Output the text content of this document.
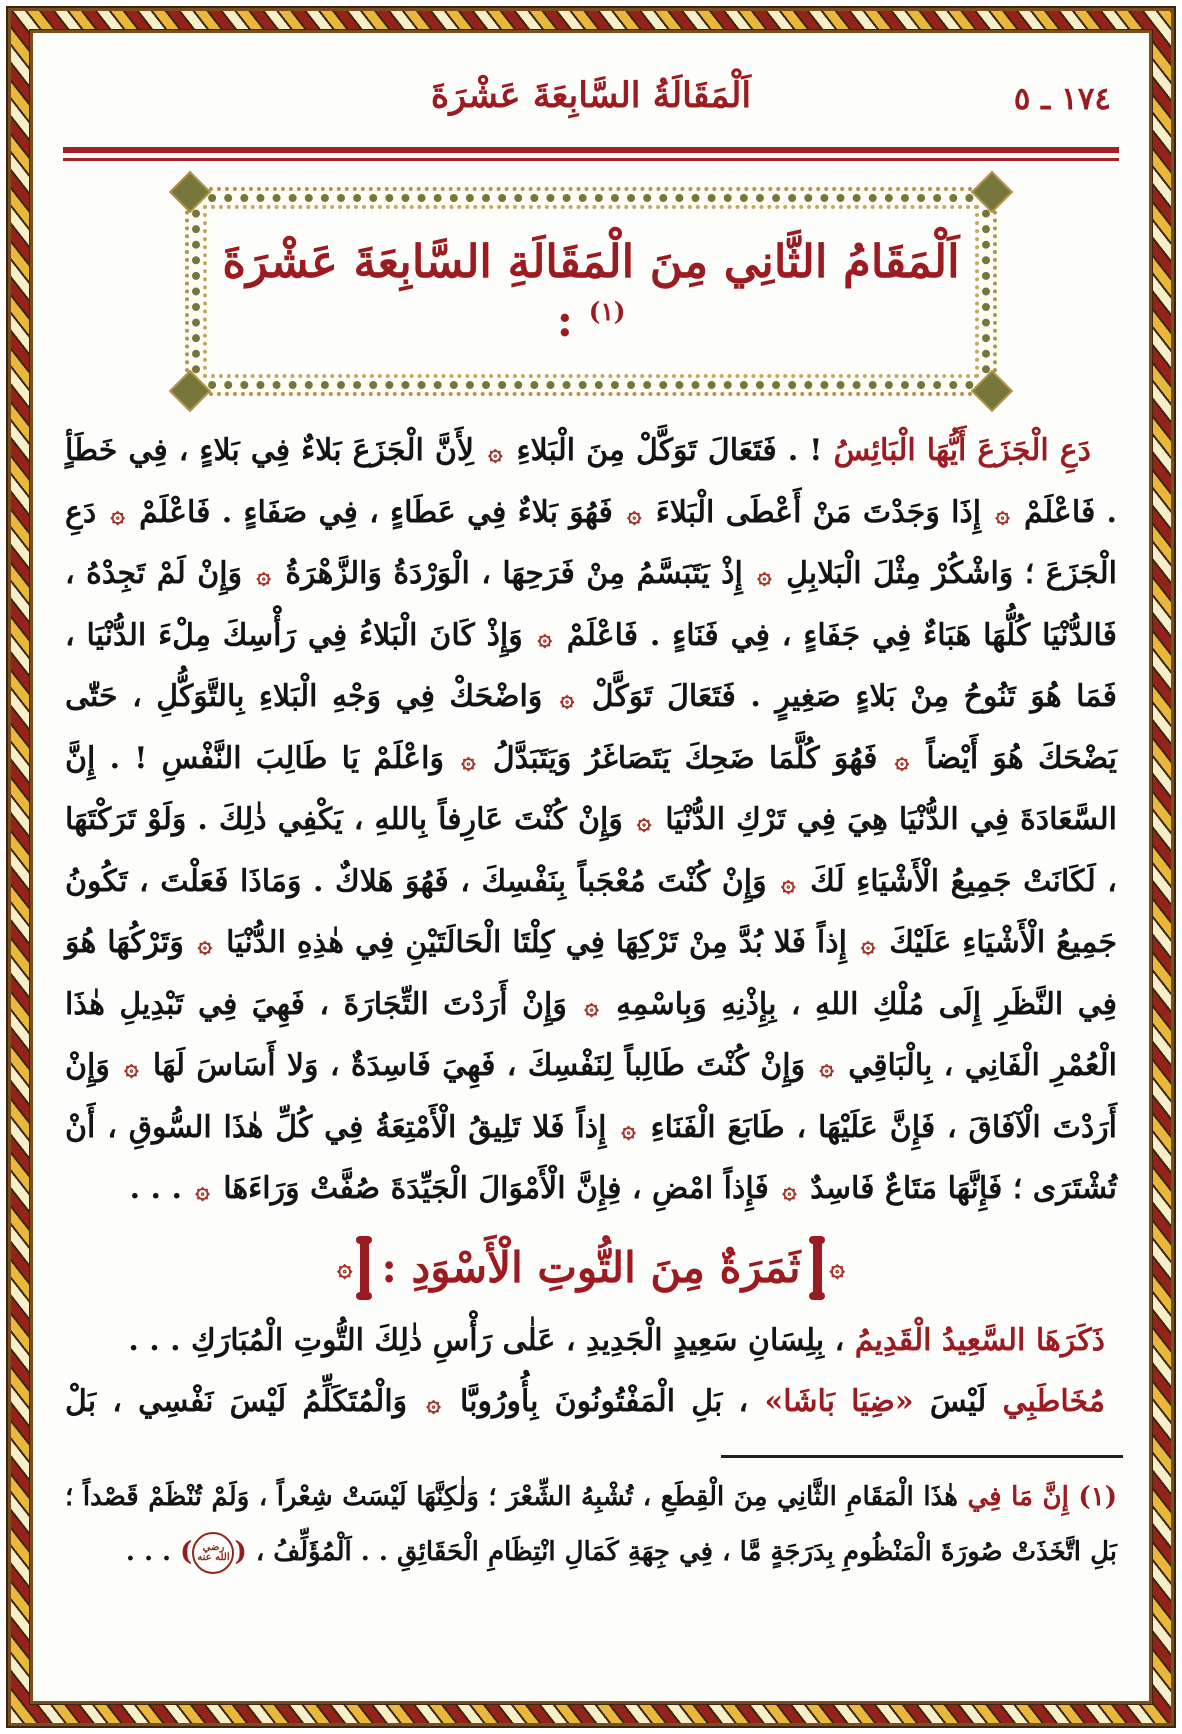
١٧٤ ـ ٥
اَلْمَقَالَةُ السَّابِعَةَ عَشْرَةَ
اَلْمَقَامُ الثَّانِي مِنَ الْمَقَالَةِ السَّابِعَةَ عَشْرَةَ $^{(١)}$ :

دَعِ الْجَزَعَ أَيُّهَا الْبَائِسُ ! . فَتَعَالَ تَوَكَّلْ مِنَ الْبَلاءِ ۞ لِأَنَّ الْجَزَعَ بَلاءٌ فِي بَلاءٍ ، فِي خَطَأٍ . فَاعْلَمْ ۞ إِذَا وَجَدْتَ مَنْ أَعْطَى الْبَلاءَ ۞ فَهُوَ بَلاءٌ فِي عَطَاءٍ ، فِي صَفَاءٍ . فَاعْلَمْ ۞ دَعِ الْجَزَعَ ؛ وَاشْكُرْ مِثْلَ الْبَلابِلِ ۞ إِذْ يَتَبَسَّمُ مِنْ فَرَحِهَا ، الْوَرْدَةُ وَالزَّهْرَةُ ۞ وَإِنْ لَمْ تَجِدْهُ ، فَالدُّنْيَا كُلُّهَا هَبَاءٌ فِي جَفَاءٍ ، فِي فَنَاءٍ . فَاعْلَمْ ۞ وَإِذْ كَانَ الْبَلاءُ فِي رَأْسِكَ مِلْءَ الدُّنْيَا ، فَمَا هُوَ تَنُوحُ مِنْ بَلاءٍ صَغِيرٍ . فَتَعَالَ تَوَكَّلْ ۞ وَاضْحَكْ فِي وَجْهِ الْبَلاءِ بِالتَّوَكُّلِ ، حَتّٰى يَضْحَكَ هُوَ أَيْضاً ۞ فَهُوَ كُلَّمَا ضَحِكَ يَتَصَاغَرُ وَيَتَبَدَّلُ ۞ وَاعْلَمْ يَا طَالِبَ النَّفْسِ ! . إِنَّ السَّعَادَةَ فِي الدُّنْيَا هِيَ فِي تَرْكِ الدُّنْيَا ۞ وَإِنْ كُنْتَ عَارِفاً بِاللهِ ، يَكْفِي ذٰلِكَ . وَلَوْ تَرَكْتَهَا ، لَكَانَتْ جَمِيعُ الْأَشْيَاءِ لَكَ ۞ وَإِنْ كُنْتَ مُعْجَباً بِنَفْسِكَ ، فَهُوَ هَلاكٌ . وَمَاذَا فَعَلْتَ ، تَكُونُ جَمِيعُ الْأَشْيَاءِ عَلَيْكَ ۞ إِذاً فَلا بُدَّ مِنْ تَرْكِهَا فِي كِلْتَا الْحَالَتَيْنِ فِي هٰذِهِ الدُّنْيَا ۞ وَتَرْكُهَا هُوَ فِي النَّظَرِ إِلَى مُلْكِ اللهِ ، بِإِذْنِهِ وَبِاسْمِهِ ۞ وَإِنْ أَرَدْتَ التِّجَارَةَ ، فَهِيَ فِي تَبْدِيلِ هٰذَا الْعُمْرِ الْفَانِي ، بِالْبَاقِي ۞ وَإِنْ كُنْتَ طَالِباً لِنَفْسِكَ ، فَهِيَ فَاسِدَةٌ ، وَلا أَسَاسَ لَهَا ۞ وَإِنْ أَرَدْتَ الْآفَاقَ ، فَإِنَّ عَلَيْهَا ، طَابَعَ الْفَنَاءِ ۞ إِذاً فَلا تَلِيقُ الْأَمْتِعَةُ فِي كُلِّ هٰذَا السُّوقِ ، أَنْ تُشْتَرَى ؛ فَإِنَّهَا مَتَاعٌ فَاسِدٌ ۞ فَإِذاً امْضِ ، فِإِنَّ الْأَمْوَالَ الْجَيِّدَةَ صُفَّتْ وَرَاءَهَا ۞ . . .

۞
ثَمَرَةٌ مِنَ التُّوتِ الْأَسْوَدِ :
۞

ذَكَرَهَا السَّعِيدُ الْقَدِيمُ ، بِلِسَانِ سَعِيدٍ الْجَدِيدِ ، عَلٰى رَأْسِ ذٰلِكَ التُّوتِ الْمُبَارَكِ . . .

مُخَاطَبِي لَيْسَ «ضِيَا بَاشَا» ، بَلِ الْمَفْتُونُونَ بِأُورُوبَّا ۞ وَالْمُتَكَلِّمُ لَيْسَ نَفْسِي ، بَلْ

(١) إِنَّ مَا فِي هٰذَا الْمَقَامِ الثَّانِي مِنَ الْقِطَعِ ، تُشْبِهُ الشِّعْرَ ؛ وَلٰكِنَّهَا لَيْسَتْ شِعْراً ، وَلَمْ تُنْظَمْ قَصْداً ؛ بَلِ اتَّخَذَتْ صُورَةَ الْمَنْظُومِ بِدَرَجَةٍ مَّا ، فِي جِهَةِ كَمَالِ انْتِظَامِ الْحَقَائِقِ . . اَلْمُؤَلِّفُ ، (رضي الله عنه) . . .
